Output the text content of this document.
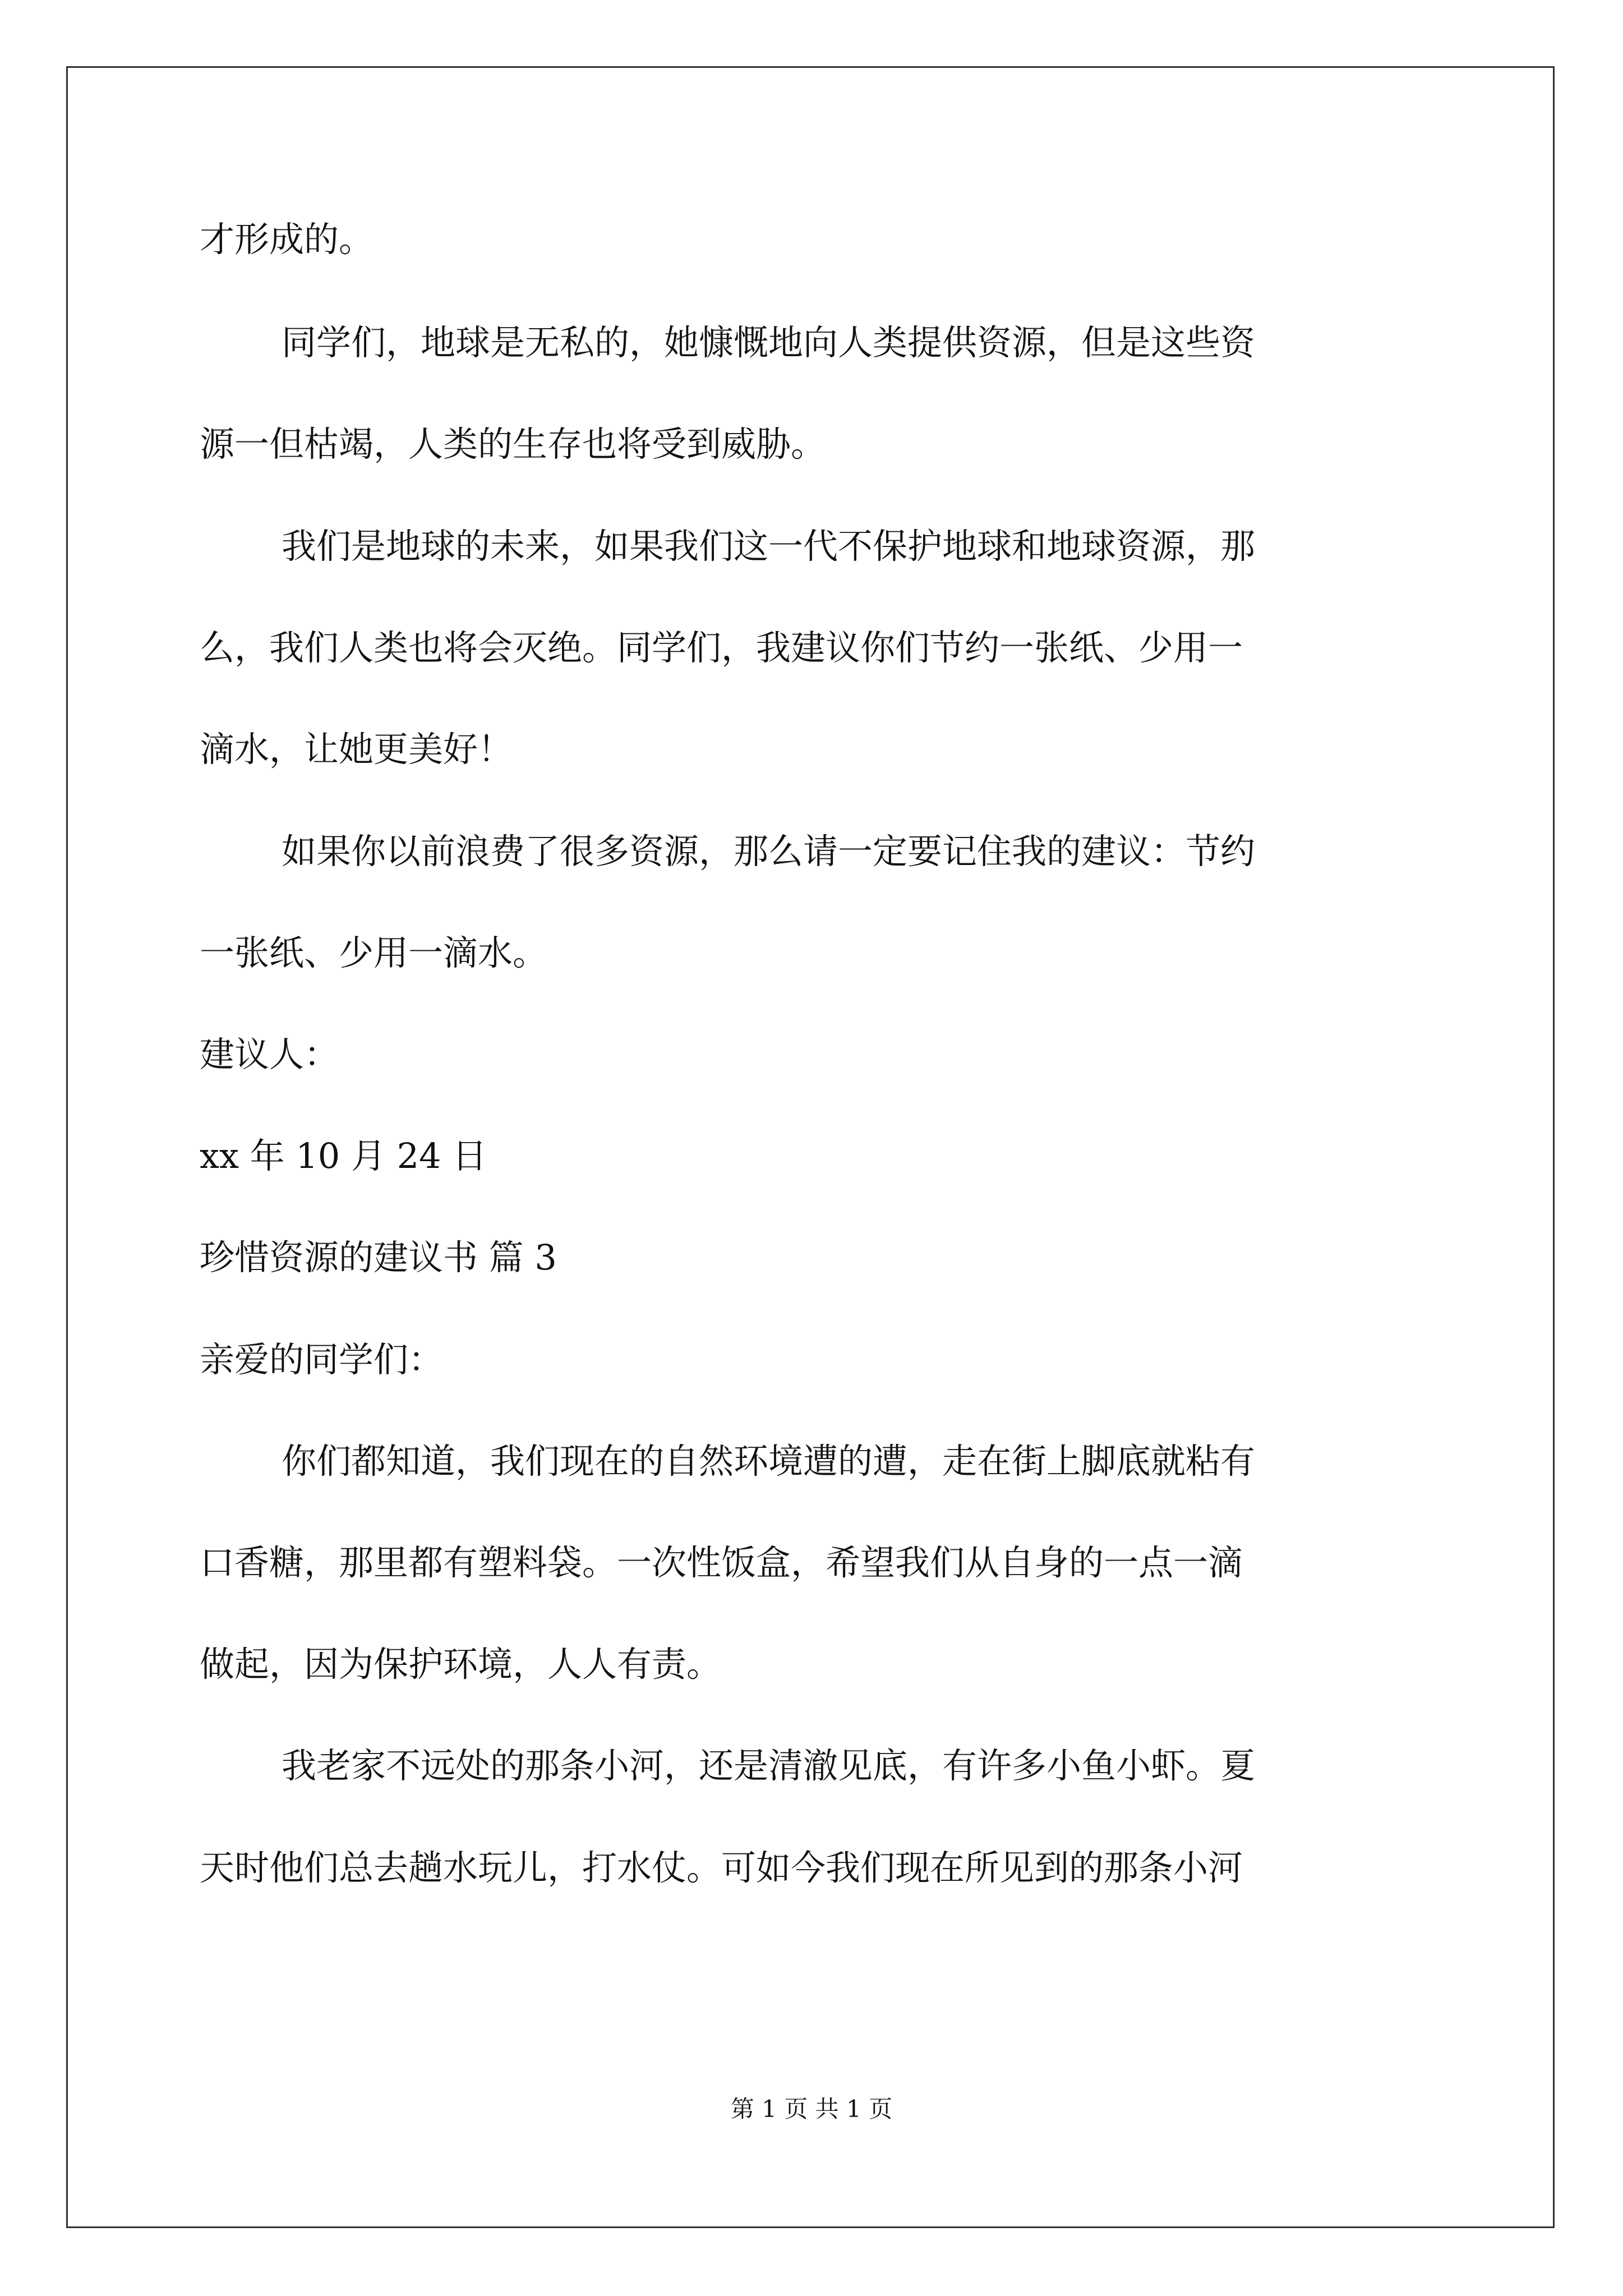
才形成的。
同学们，地球是无私的，她慷慨地向人类提供资源，但是这些资
源一但枯竭，人类的生存也将受到威胁。
我们是地球的未来，如果我们这一代不保护地球和地球资源，那
么，我们人类也将会灭绝。同学们，我建议你们节约一张纸、少用一
滴水，让她更美好！
如果你以前浪费了很多资源，那么请一定要记住我的建议：节约
一张纸、少用一滴水。
建议人：
xx 年 10 月 24 日
珍惜资源的建议书 篇 3
亲爱的同学们：
你们都知道，我们现在的自然环境遭的遭，走在街上脚底就粘有
口香糖，那里都有塑料袋。一次性饭盒，希望我们从自身的一点一滴
做起，因为保护环境，人人有责。
我老家不远处的那条小河，还是清澈见底，有许多小鱼小虾。夏
天时他们总去趟水玩儿，打水仗。可如今我们现在所见到的那条小河
第 1 页 共 1 页
